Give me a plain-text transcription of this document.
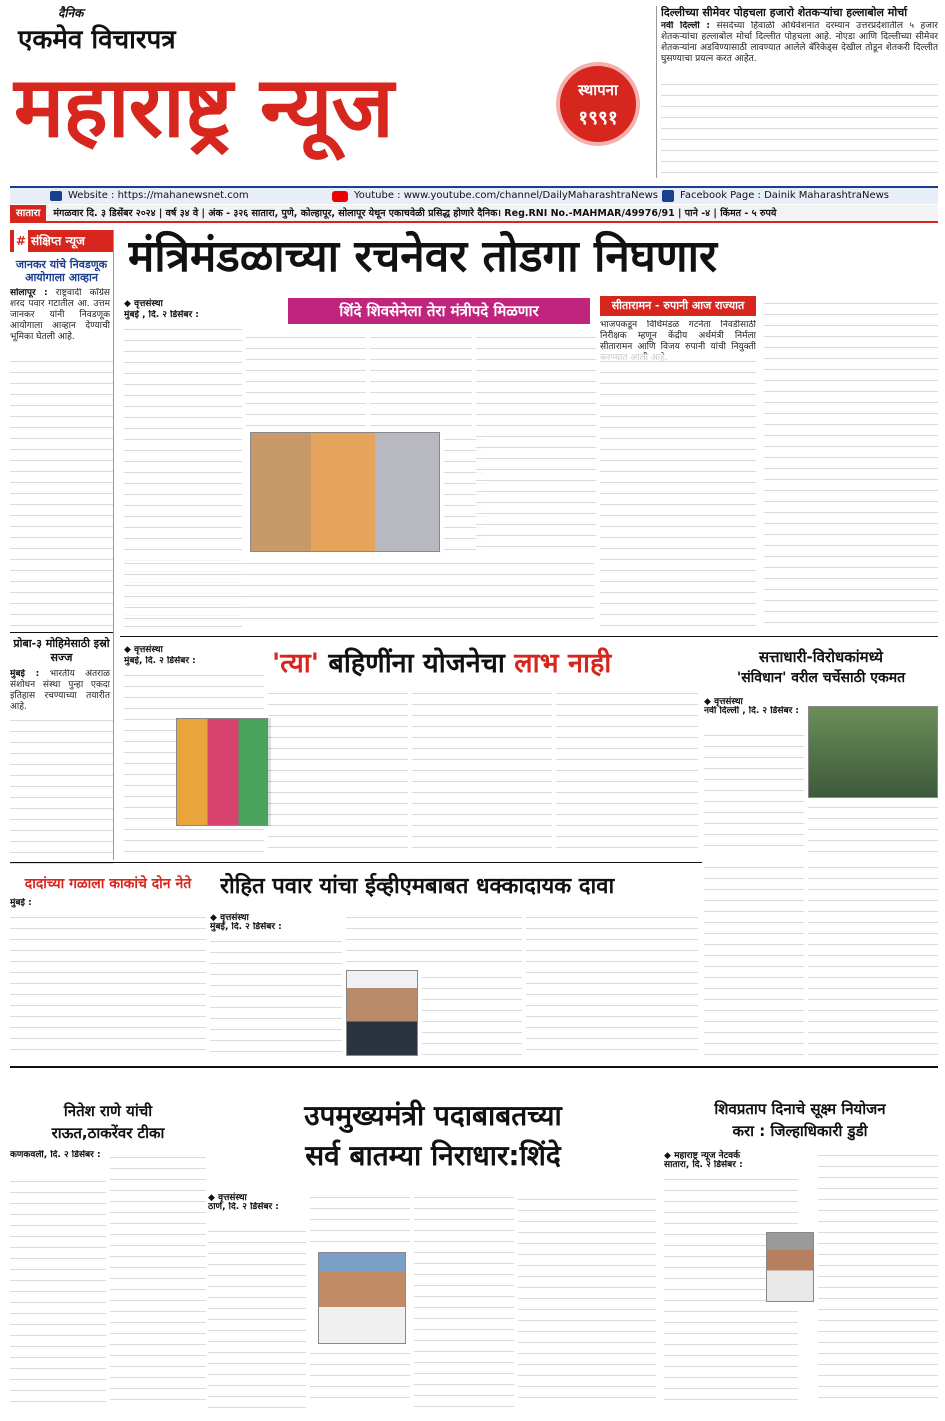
दैनिक
एकमेव विचारपत्र
महाराष्ट्र न्यूज	स्थापना
१९९१
दिल्लीच्या सीमेवर पोहचला हजारो शेतकऱ्यांचा हल्लाबोल मोर्चा
नवी दिल्ली : संसदेच्या हिवाळी अधिवेशनात दरम्यान उत्तरप्रदेशातील ५ हजार शेतकऱ्यांचा हल्लाबोल मोर्चा दिल्लीत पोहचला आहे. नोएडा आणि दिल्लीच्या सीमेवर शेतकऱ्यांना अडविण्यासाठी लावण्यात आलेले बॅरिकेड्स देखील तोडून शेतकरी दिल्लीत घुसण्याचा प्रयत्न करत आहेत.
Website : https://mahanewsnet.com	Youtube : www.youtube.com/channel/DailyMaharashtraNews Facebook Page : Dainik MaharashtraNews
सातारा मंगळवार दि. ३ डिसेंबर २०२४ | वर्ष ३४ वे | अंक - ३२६ सातारा, पुणे, कोल्हापूर, सोलापूर येथून एकाचवेळी प्रसिद्ध होणारे दैनिक। Reg.RNI No.-MAHMAR/49976/91 | पाने -४ | किंमत - ५ रुपये
# संक्षिप्त न्यूज
जानकर यांचे निवडणूक आयोगाला आव्हान
सोलापूर : राष्ट्रवादी काँग्रेस शरद पवार गटातील आ. उत्तम जानकर यांनी निवडणूक आयोगाला आव्हान देण्याची भूमिका घेतली आहे.
प्रोबा-३ मोहिमेसाठी इस्रो सज्ज
मुंबई : भारतीय अंतराळ संशोधन संस्था पुन्हा एकदा इतिहास रचण्याच्या तयारीत आहे.
मंत्रिमंडळाच्या रचनेवर तोडगा निघणार
◆ वृत्तसंस्था	शिंदे शिवसेनेला तेरा मंत्रीपदे मिळणार
मुंबई , दि. २ डिसेंबर :
सीतारामन - रुपानी आज राज्यात
भाजपकडून विधिमंडळ गटनेता निवडीसाठी निरीक्षक म्हणून केंद्रीय अर्थमंत्री निर्मला सीतारामन आणि विजय रुपानी यांची नियुक्ती
◆ वृत्तसंस्था	'त्या' बहिणींना योजनेचा लाभ नाही
मुंबई, दि. २ डिसेंबर :	सत्ताधारी-विरोधकांमध्ये
'संविधान' वरील चर्चेसाठी एकमत
◆ वृत्तसंस्था
नवी दिल्ली , दि. २ डिसेंबर :
दादांच्या गळाला काकांचे दोन नेते
मुंबई :
रोहित पवार यांचा ईव्हीएमबाबत धक्कादायक दावा
◆ वृत्तसंस्था
मुंबई, दि. २ डिसेंबर :
नितेश राणे यांची
राऊत,ठाकरेंवर टीका
कणकवली, दि. २ डिसेंबर :
उपमुख्यमंत्री पदाबाबतच्या
सर्व बातम्या निराधार:शिंदे
◆ वृत्तसंस्था
ठाणे, दि. २ डिसेंबर :
शिवप्रताप दिनाचे सूक्ष्म नियोजन
करा : जिल्हाधिकारी डुडी
◆ महाराष्ट्र न्यूज नेटवर्क
सातारा, दि. २ डिसेंबर :
